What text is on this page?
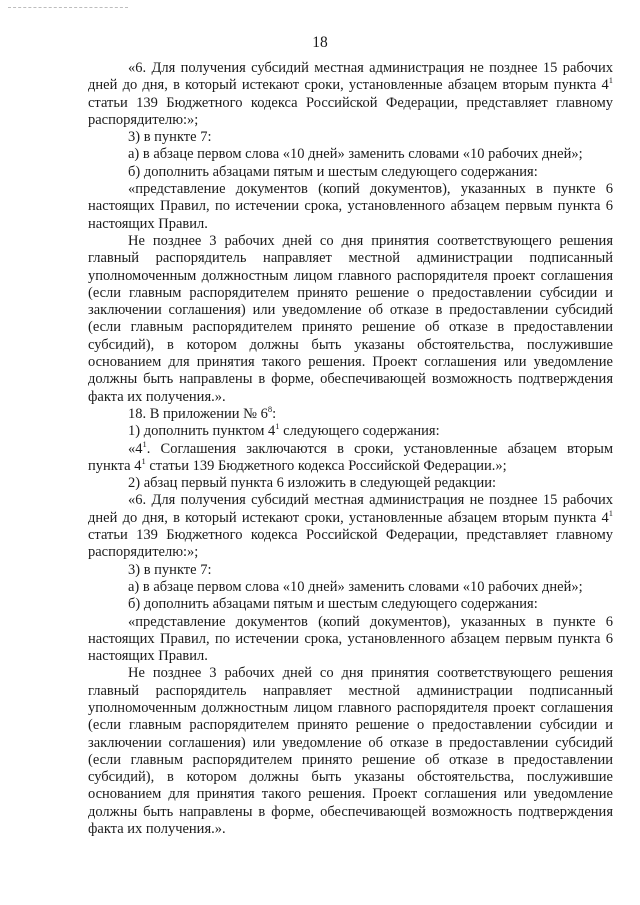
18

«6. Для получения субсидий местная администрация не позднее 15 рабочих дней до дня, в который истекают сроки, установленные абзацем вторым пункта $4^1$ статьи 139 Бюджетного кодекса Российской Федерации, представляет главному распорядителю:»;

3) в пункте 7:

а) в абзаце первом слова «10 дней» заменить словами «10 рабочих дней»;

б) дополнить абзацами пятым и шестым следующего содержания:

«представление документов (копий документов), указанных в пункте 6 настоящих Правил, по истечении срока, установленного абзацем первым пункта 6 настоящих Правил.

Не позднее 3 рабочих дней со дня принятия соответствующего решения главный распорядитель направляет местной администрации подписанный уполномоченным должностным лицом главного распорядителя проект соглашения (если главным распорядителем принято решение о предоставлении субсидии и заключении соглашения) или уведомление об отказе в предоставлении субсидий (если главным распорядителем принято решение об отказе в предоставлении субсидий), в котором должны быть указаны обстоятельства, послужившие основанием для принятия такого решения. Проект соглашения или уведомление должны быть направлены в форме, обеспечивающей возможность подтверждения факта их получения.».

18. В приложении № $6^8$:

1) дополнить пунктом $4^1$ следующего содержания:

«$4^1$. Соглашения заключаются в сроки, установленные абзацем вторым пункта $4^1$ статьи 139 Бюджетного кодекса Российской Федерации.»;

2) абзац первый пункта 6 изложить в следующей редакции:

«6. Для получения субсидий местная администрация не позднее 15 рабочих дней до дня, в который истекают сроки, установленные абзацем вторым пункта $4^1$ статьи 139 Бюджетного кодекса Российской Федерации, представляет главному распорядителю:»;

3) в пункте 7:

а) в абзаце первом слова «10 дней» заменить словами «10 рабочих дней»;

б) дополнить абзацами пятым и шестым следующего содержания:

«представление документов (копий документов), указанных в пункте 6 настоящих Правил, по истечении срока, установленного абзацем первым пункта 6 настоящих Правил.

Не позднее 3 рабочих дней со дня принятия соответствующего решения главный распорядитель направляет местной администрации подписанный уполномоченным должностным лицом главного распорядителя проект соглашения (если главным распорядителем принято решение о предоставлении субсидии и заключении соглашения) или уведомление об отказе в предоставлении субсидий (если главным распорядителем принято решение об отказе в предоставлении субсидий), в котором должны быть указаны обстоятельства, послужившие основанием для принятия такого решения. Проект соглашения или уведомление должны быть направлены в форме, обеспечивающей возможность подтверждения факта их получения.».
